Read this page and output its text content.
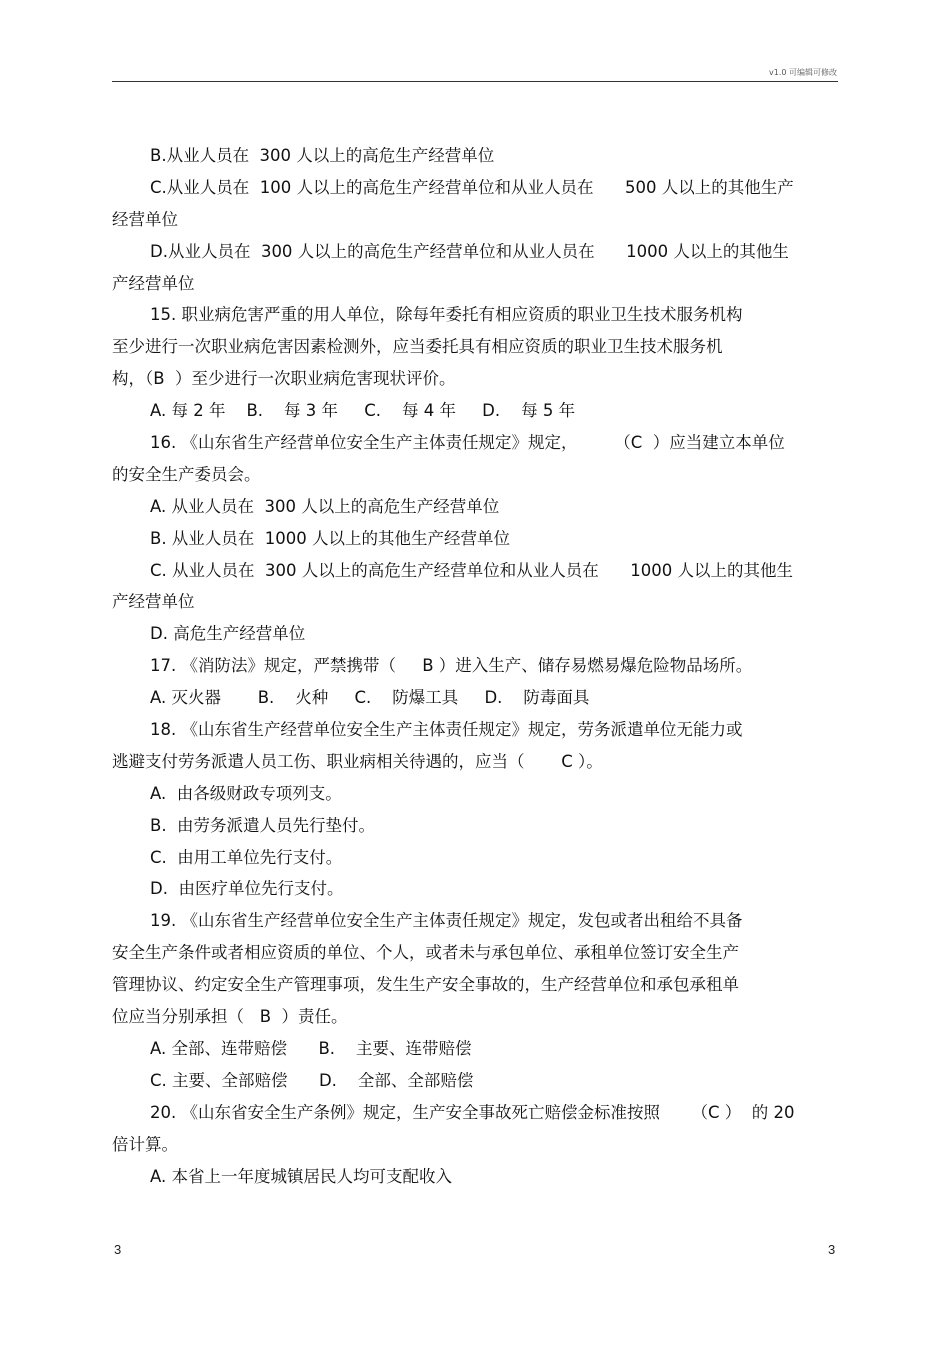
v1.0 可编辑可修改
B.从业人员在  300 人以上的高危生产经营单位
C.从业人员在  100 人以上的高危生产经营单位和从业人员在      500 人以上的其他生产
经营单位
D.从业人员在  300 人以上的高危生产经营单位和从业人员在      1000 人以上的其他生
产经营单位
15. 职业病危害严重的用人单位，除每年委托有相应资质的职业卫生技术服务机构
至少进行一次职业病危害因素检测外，应当委托具有相应资质的职业卫生技术服务机
构，（B  ）至少进行一次职业病危害现状评价。
A. 每 2 年    B.    每 3 年     C.    每 4 年     D.    每 5 年
16. 《山东省生产经营单位安全生产主体责任规定》规定，       （C  ）应当建立本单位
的安全生产委员会。
A. 从业人员在  300 人以上的高危生产经营单位
B. 从业人员在  1000 人以上的其他生产经营单位
C. 从业人员在  300 人以上的高危生产经营单位和从业人员在      1000 人以上的其他生
产经营单位
D. 高危生产经营单位
17. 《消防法》规定，严禁携带（     B ）进入生产、储存易燃易爆危险物品场所。
A. 灭火器       B.    火种     C.    防爆工具     D.    防毒面具
18. 《山东省生产经营单位安全生产主体责任规定》规定，劳务派遣单位无能力或
逃避支付劳务派遣人员工伤、职业病相关待遇的，应当（       C ）。
A.  由各级财政专项列支。
B.  由劳务派遣人员先行垫付。
C.  由用工单位先行支付。
D.  由医疗单位先行支付。
19. 《山东省生产经营单位安全生产主体责任规定》规定，发包或者出租给不具备
安全生产条件或者相应资质的单位、个人，或者未与承包单位、承租单位签订安全生产
管理协议、约定安全生产管理事项，发生生产安全事故的，生产经营单位和承包承租单
位应当分别承担（   B  ）责任。
A. 全部、连带赔偿      B.    主要、连带赔偿
C. 主要、全部赔偿      D.    全部、全部赔偿
20. 《山东省安全生产条例》规定，生产安全事故死亡赔偿金标准按照      （C ）  的 20
倍计算。
A. 本省上一年度城镇居民人均可支配收入
3	3
